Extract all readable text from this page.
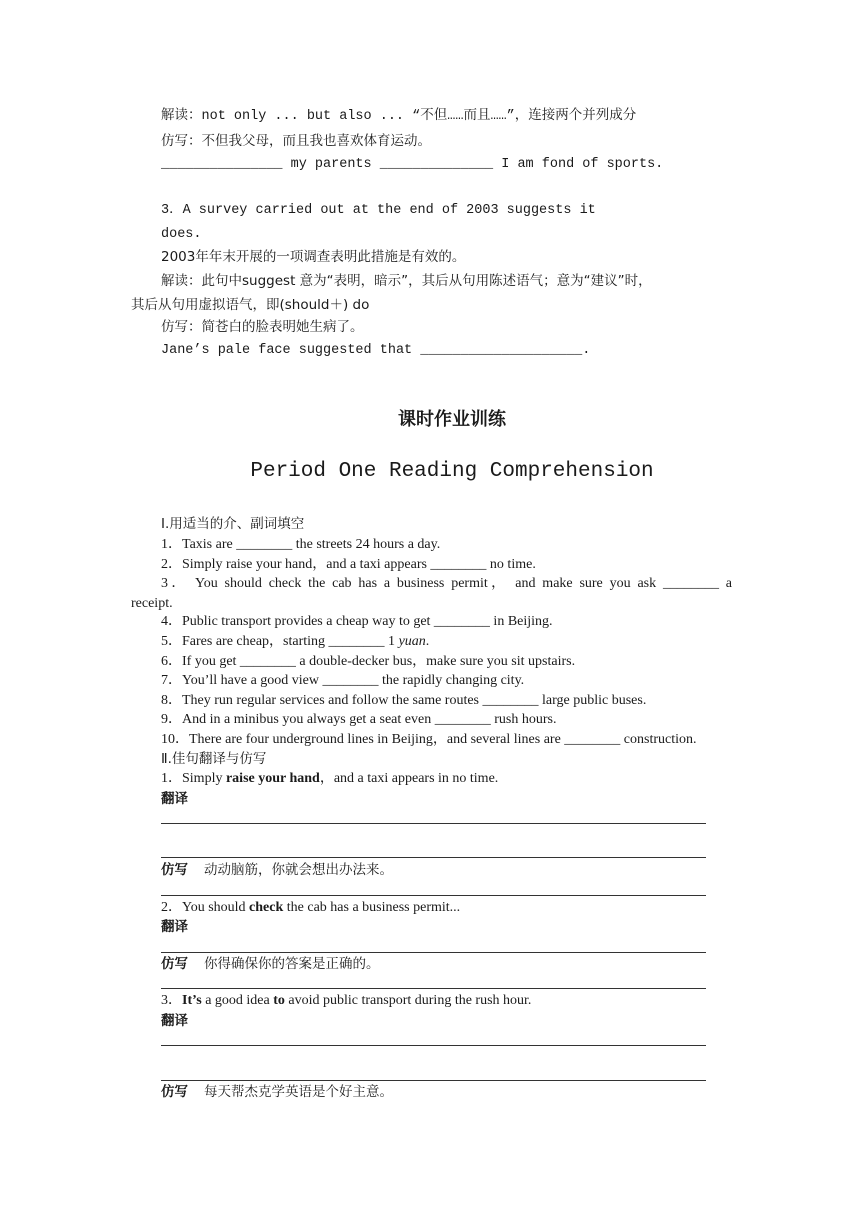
解读：not only ... but also ... “不但……而且……”，连接两个并列成分
仿写：不但我父母，而且我也喜欢体育运动。
_______________ my parents ______________ I am fond of sports.
3．A survey carried out at the end of 2003 suggests it
does.
2003年年末开展的一项调查表明此措施是有效的。
解读：此句中suggest 意为“表明，暗示”，其后从句用陈述语气；意为“建议”时，
其后从句用虚拟语气，即(should＋) do
仿写：简苍白的脸表明她生病了。
Jane’s pale face suggested that ____________________.
课时作业训练
Period One Reading Comprehension
Ⅰ.用适当的介、副词填空
1．Taxis are ________ the streets 24 hours a day.
2．Simply raise your hand，and a taxi appears ________ no time.
3． You should check the cab has a business permit， and make sure you ask ________ a
receipt.
4．Public transport provides a cheap way to get ________ in Beijing.
5．Fares are cheap，starting ________ 1 yuan.
6．If you get ________ a double-decker bus，make sure you sit upstairs.
7．You’ll have a good view ________ the rapidly changing city.
8．They run regular services and follow the same routes ________ large public buses.
9．And in a minibus you always get a seat even ________ rush hours.
10．There are four underground lines in Beijing，and several lines are ________ construction.
Ⅱ.佳句翻译与仿写
1．Simply raise your hand，and a taxi appears in no time.
翻译
仿写 动动脑筋，你就会想出办法来。
2．You should check the cab has a business permit...
翻译
仿写 你得确保你的答案是正确的。
3．It’s a good idea to avoid public transport during the rush hour.
翻译
仿写 每天帮杰克学英语是个好主意。
